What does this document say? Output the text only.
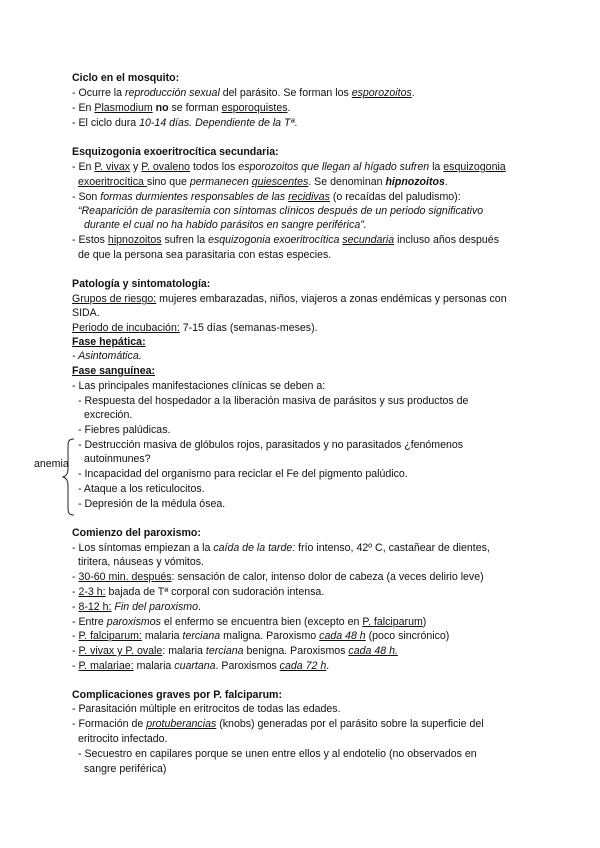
Ciclo en el mosquito:
- Ocurre la reproducción sexual del parásito. Se forman los esporozoitos.
- En Plasmodium no se forman esporoquistes.
- El ciclo dura 10-14 días. Dependiente de la Tª.
Esquizogonia exoeritrocítica secundaria:
- En P. vivax y P. ovaleno todos los esporozoitos que llegan al hígado sufren la esquizogonia
exoeritrocítica sino que permanecen quiescentes. Se denominan hipnozoitos.
- Son formas durmientes responsables de las recidivas (o recaídas del paludismo):
“Reaparición de parasitemia con síntomas clínicos después de un periodo significativo
durante el cual no ha habido parásitos en sangre periférica”.
- Estos hipnozoitos sufren la esquizogonia exoeritrocítica secundaria incluso años después
de que la persona sea parasitaria con estas especies.
Patología y sintomatología:
Grupos de riesgo: mujeres embarazadas, niños, viajeros a zonas endémicas y personas con
SIDA.
Periodo de incubación: 7-15 días (semanas-meses).
Fase hepática:
- Asintomática.
Fase sanguínea:
- Las principales manifestaciones clínicas se deben a:
- Respuesta del hospedador a la liberación masiva de parásitos y sus productos de
excreción.
- Fiebres palúdicas.
- Destrucción masiva de glóbulos rojos, parasitados y no parasitados ¿fenómenos
autoinmunes?
- Incapacidad del organismo para reciclar el Fe del pigmento palúdico.
- Ataque a los reticulocitos.
- Depresión de la médula ósea.
anemia
Comienzo del paroxismo:
- Los síntomas empiezan a la caída de la tarde: frío intenso, 42º C, castañear de dientes,
tiritera, náuseas y vómitos.
- 30-60 min. después: sensación de calor, intenso dolor de cabeza (a veces delirio leve)
- 2-3 h: bajada de Tª corporal con sudoración intensa.
- 8-12 h: Fin del paroxismo.
- Entre paroxismos el enfermo se encuentra bien (excepto en P. falciparum)
- P. falciparum: malaria terciana maligna. Paroxismo cada 48 h (poco sincrónico)
- P. vivax y P. ovale: malaria terciana benigna. Paroxismos cada 48 h.
- P. malariae: malaria cuartana. Paroxismos cada 72 h.
Complicaciones graves por P. falciparum:
- Parasitación múltiple en eritrocitos de todas las edades.
- Formación de protuberancias (knobs) generadas por el parásito sobre la superficie del
eritrocito infectado.
- Secuestro en capilares porque se unen entre ellos y al endotelio (no observados en
sangre periférica)
